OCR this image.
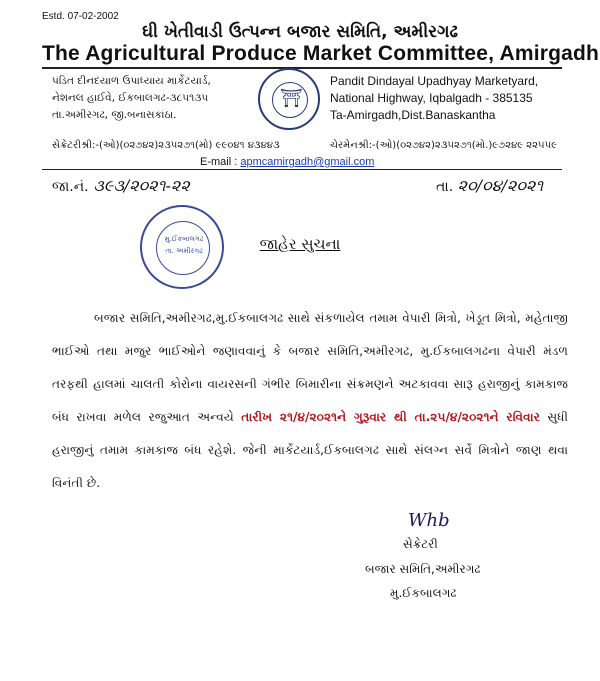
Estd. 07-02-2002
ઘી ખેતીવાડી ઉત્પન્ન બજાર સમિતિ, અમીરગઢ
The Agricultural Produce Market Committee, Amirgadh
પંડિત દીનદયાળ ઉપાધ્યાય માર્કેટયાર્ડ,
નેશનલ હાઈવે, ઈકબાલગઢ-૩૮૫૧૩૫
તા.અમીરગઢ, જી.બનાસકાંઠા.
⛩
Pandit Dindayal Upadhyay Marketyard,
National Highway, Iqbalgadh - 385135
Ta-Amirgadh,Dist.Banaskantha
સેક્રેટરીશ્રી:-(ઓ)(૦૨૭૪૨)૨૩૫૨૭૧(મો) ૯૯૦૪૧ ૪૩૪૪૩	ચેરમેનશ્રી:-(ઓ)(૦૨૭૪૨)૨૩૫૨૭૧(મો.)૯૭૨૪૯ ૨૨૫૫૯
E-mail : apmcamirgadh@gmail.com
જા.નં. ૩૯૩/૨૦૨૧-૨૨	તા. ૨૦/૦૪/૨૦૨૧
મુ.ઈકબાલગઢ
તા. અમીરગઢ	જાહેર સુચના
બજાર સમિતિ,અમીરગઢ,મુ.ઈકબાલગઢ સાથે સંકળાયેલ તમામ વેપારી મિત્રો, ખેડૂત મિત્રો, મહેતાજી ભાઈઓ તથા મજુર ભાઈઓને જણાવવાનું કે બજાર સમિતિ,અમીરગઢ, મુ.ઈકબાલગઢના વેપારી મંડળ તરફથી હાલમાં ચાલતી કોરોના વાયરસની ગંભીર બિમારીના સંક્રમણને અટકાવવા સારૂ હરાજીનું કામકાજ બંધ રાખવા મળેલ રજુઆત અન્વયે તારીખ ૨૧/૪/૨૦૨૧ને ગુરૂવાર થી તા.૨૫/૪/૨૦૨૧ને રવિવાર સુધી હરાજીનું તમામ કામકાજ બંધ રહેશે. જેની માર્કેટયાર્ડ,ઈકબાલગઢ સાથે સંલગ્ન સર્વે મિત્રોને જાણ થવા વિનંતી છે.
Whb
સેક્રેટરી
બજાર સમિતિ,અમીરગઢ
મુ.ઈકબાલગઢ
